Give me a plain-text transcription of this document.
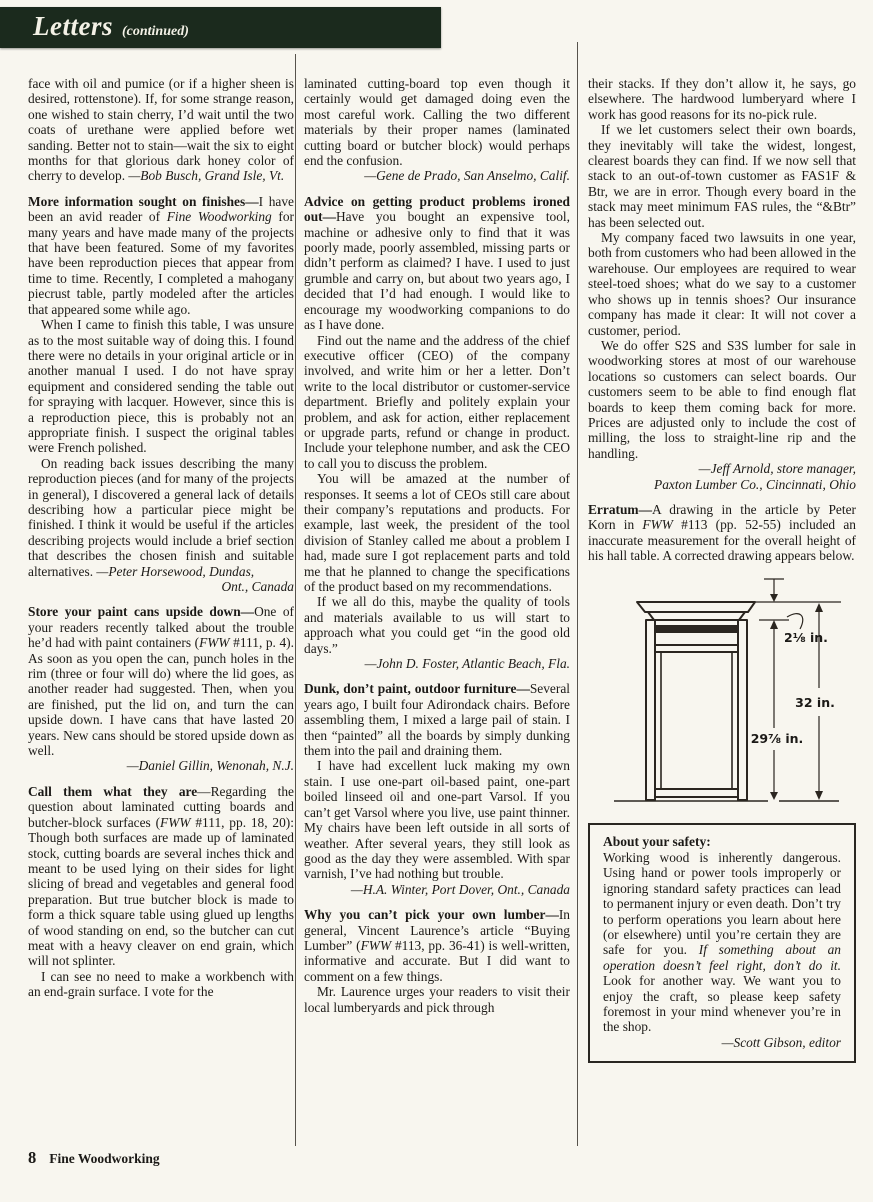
Letters (continued)

face with oil and pumice (or if a higher sheen is desired, rottenstone). If, for some strange reason, one wished to stain cherry, I’d wait until the two coats of urethane were applied before wet sanding. Better not to stain—wait the six to eight months for that glorious dark honey color of cherry to develop. —Bob Busch, Grand Isle, Vt.

More information sought on finishes—I have been an avid reader of Fine Woodworking for many years and have made many of the projects that have been featured. Some of my favorites have been reproduction pieces that appear from time to time. Recently, I completed a mahogany piecrust table, partly modeled after the articles that appeared some while ago.

When I came to finish this table, I was unsure as to the most suitable way of doing this. I found there were no details in your original article or in another manual I used. I do not have spray equipment and considered sending the table out for spraying with lacquer. However, since this is a reproduction piece, this is probably not an appropriate finish. I suspect the original tables were French polished.

On reading back issues describing the many reproduction pieces (and for many of the projects in general), I discovered a general lack of details describing how a particular piece might be finished. I think it would be useful if the articles describing projects would include a brief section that describes the chosen finish and suitable alternatives. —Peter Horsewood, Dundas,

Ont., Canada

Store your paint cans upside down—One of your readers recently talked about the trouble he’d had with paint containers (FWW #111, p. 4). As soon as you open the can, punch holes in the rim (three or four will do) where the lid goes, as another reader had suggested. Then, when you are finished, put the lid on, and turn the can upside down. I have cans that have lasted 20 years. New cans should be stored upside down as well.

—Daniel Gillin, Wenonah, N.J.

Call them what they are—Regarding the question about laminated cutting boards and butcher-block surfaces (FWW #111, pp. 18, 20): Though both surfaces are made up of laminated stock, cutting boards are several inches thick and meant to be used lying on their sides for light slicing of bread and vegetables and general food preparation. But true butcher block is made to form a thick square table using glued up lengths of wood standing on end, so the butcher can cut meat with a heavy cleaver on end grain, which will not splinter.

I can see no need to make a workbench with an end-grain surface. I vote for the

laminated cutting-board top even though it certainly would get damaged doing even the most careful work. Calling the two different materials by their proper names (laminated cutting board or butcher block) would perhaps end the confusion.

—Gene de Prado, San Anselmo, Calif.

Advice on getting product problems ironed out—Have you bought an expensive tool, machine or adhesive only to find that it was poorly made, poorly assembled, missing parts or didn’t perform as claimed? I have. I used to just grumble and carry on, but about two years ago, I decided that I’d had enough. I would like to encourage my woodworking companions to do as I have done.

Find out the name and the address of the chief executive officer (CEO) of the company involved, and write him or her a letter. Don’t write to the local distributor or customer-service department. Briefly and politely explain your problem, and ask for action, either replacement or upgrade parts, refund or change in product. Include your telephone number, and ask the CEO to call you to discuss the problem.

You will be amazed at the number of responses. It seems a lot of CEOs still care about their company’s reputations and products. For example, last week, the president of the tool division of Stanley called me about a problem I had, made sure I got replacement parts and told me that he planned to change the specifications of the product based on my recommendations.

If we all do this, maybe the quality of tools and materials available to us will start to approach what you could get “in the good old days.”

—John D. Foster, Atlantic Beach, Fla.

Dunk, don’t paint, outdoor furniture—Several years ago, I built four Adirondack chairs. Before assembling them, I mixed a large pail of stain. I then “painted” all the boards by simply dunking them into the pail and draining them.

I have had excellent luck making my own stain. I use one-part oil-based paint, one-part boiled linseed oil and one-part Varsol. If you can’t get Varsol where you live, use paint thinner. My chairs have been left outside in all sorts of weather. After several years, they still look as good as the day they were assembled. With spar varnish, I’ve had nothing but trouble.

—H.A. Winter, Port Dover, Ont., Canada

Why you can’t pick your own lumber—In general, Vincent Laurence’s article “Buying Lumber” (FWW #113, pp. 36-41) is well-written, informative and accurate. But I did want to comment on a few things.

Mr. Laurence urges your readers to visit their local lumberyards and pick through

their stacks. If they don’t allow it, he says, go elsewhere. The hardwood lumberyard where I work has good reasons for its no-pick rule.

If we let customers select their own boards, they inevitably will take the widest, longest, clearest boards they can find. If we now sell that stack to an out-of-town customer as FAS1F & Btr, we are in error. Though every board in the stack may meet minimum FAS rules, the “&Btr” has been selected out.

My company faced two lawsuits in one year, both from customers who had been allowed in the warehouse. Our employees are required to wear steel-toed shoes; what do we say to a customer who shows up in tennis shoes? Our insurance company has made it clear: It will not cover a customer, period.

We do offer S2S and S3S lumber for sale in woodworking stores at most of our warehouse locations so customers can select boards. Our customers seem to be able to find enough flat boards to keep them coming back for more. Prices are adjusted only to include the cost of milling, the loss to straight-line rip and the handling.

—Jeff Arnold, store manager,

Paxton Lumber Co., Cincinnati, Ohio

Erratum—A drawing in the article by Peter Korn in FWW #113 (pp. 52-55) included an inaccurate measurement for the overall height of his hall table. A corrected drawing appears below.

2⅛ in.
29⅞ in.
32 in.
About your safety:

Working wood is inherently dangerous. Using hand or power tools improperly or ignoring standard safety practices can lead to permanent injury or even death. Don’t try to perform operations you learn about here (or elsewhere) until you’re certain they are safe for you. If something about an operation doesn’t feel right, don’t do it. Look for another way. We want you to enjoy the craft, so please keep safety foremost in your mind whenever you’re in the shop.

—Scott Gibson, editor

8 Fine Woodworking
